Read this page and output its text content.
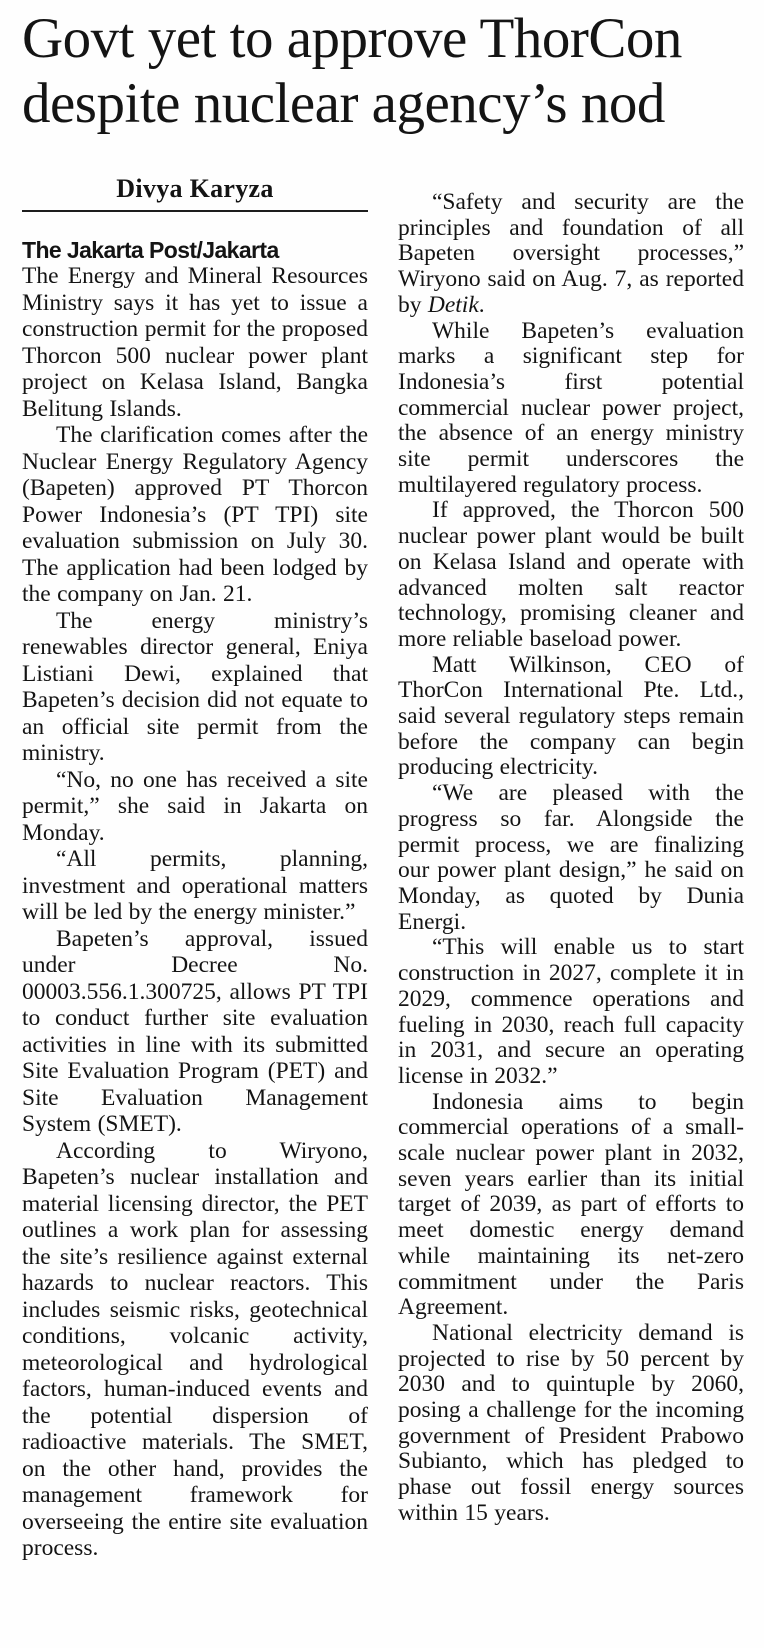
Govt yet to approve ThorCon
despite nuclear agency’s nod
Divya Karyza
The Jakarta Post/Jakarta

The Energy and Mineral Resources Ministry says it has yet to issue a construction permit for the proposed Thorcon 500 nuclear power plant project on Kelasa Island, Bangka Belitung Islands.

The clarification comes after the Nuclear Energy Regulatory Agency (Bapeten) approved PT Thorcon Power Indonesia’s (PT TPI) site evaluation submission on July 30. The application had been lodged by the company on Jan. 21.

The energy ministry’s renewables director general, Eniya Listiani Dewi, explained that Bapeten’s decision did not equate to an official site permit from the ministry.

“No, no one has received a site permit,” she said in Jakarta on Monday.

“All permits, planning, investment and operational matters will be led by the energy minister.”

Bapeten’s approval, issued under Decree No. 00003.556.1.300725, allows PT TPI to conduct further site evaluation activities in line with its submitted Site Evaluation Program (PET) and Site Evaluation Management System (SMET).

According to Wiryono, Bapeten’s nuclear installation and material licensing director, the PET outlines a work plan for assessing the site’s resilience against external hazards to nuclear reactors. This includes seismic risks, geotechnical conditions, volcanic activity, meteorological and hydrological factors, human-induced events and the potential dispersion of radioactive materials. The SMET, on the other hand, provides the management framework for overseeing the entire site evaluation process.

“Safety and security are the principles and foundation of all Bapeten oversight processes,” Wiryono said on Aug. 7, as reported by Detik.

While Bapeten’s evaluation marks a significant step for Indonesia’s first potential commercial nuclear power project, the absence of an energy ministry site permit underscores the multilayered regulatory process.

If approved, the Thorcon 500 nuclear power plant would be built on Kelasa Island and operate with advanced molten salt reactor technology, promising cleaner and more reliable baseload power.

Matt Wilkinson, CEO of ThorCon International Pte. Ltd., said several regulatory steps remain before the company can begin producing electricity.

“We are pleased with the progress so far. Alongside the permit process, we are finalizing our power plant design,” he said on Monday, as quoted by Dunia Energi.

“This will enable us to start construction in 2027, complete it in 2029, commence operations and fueling in 2030, reach full capacity in 2031, and secure an operating license in 2032.”

Indonesia aims to begin commercial operations of a small-scale nuclear power plant in 2032, seven years earlier than its initial target of 2039, as part of efforts to meet domestic energy demand while maintaining its net-zero commitment under the Paris Agreement.

National electricity demand is projected to rise by 50 percent by 2030 and to quintuple by 2060, posing a challenge for the incoming government of President Prabowo Subianto, which has pledged to phase out fossil energy sources within 15 years.
